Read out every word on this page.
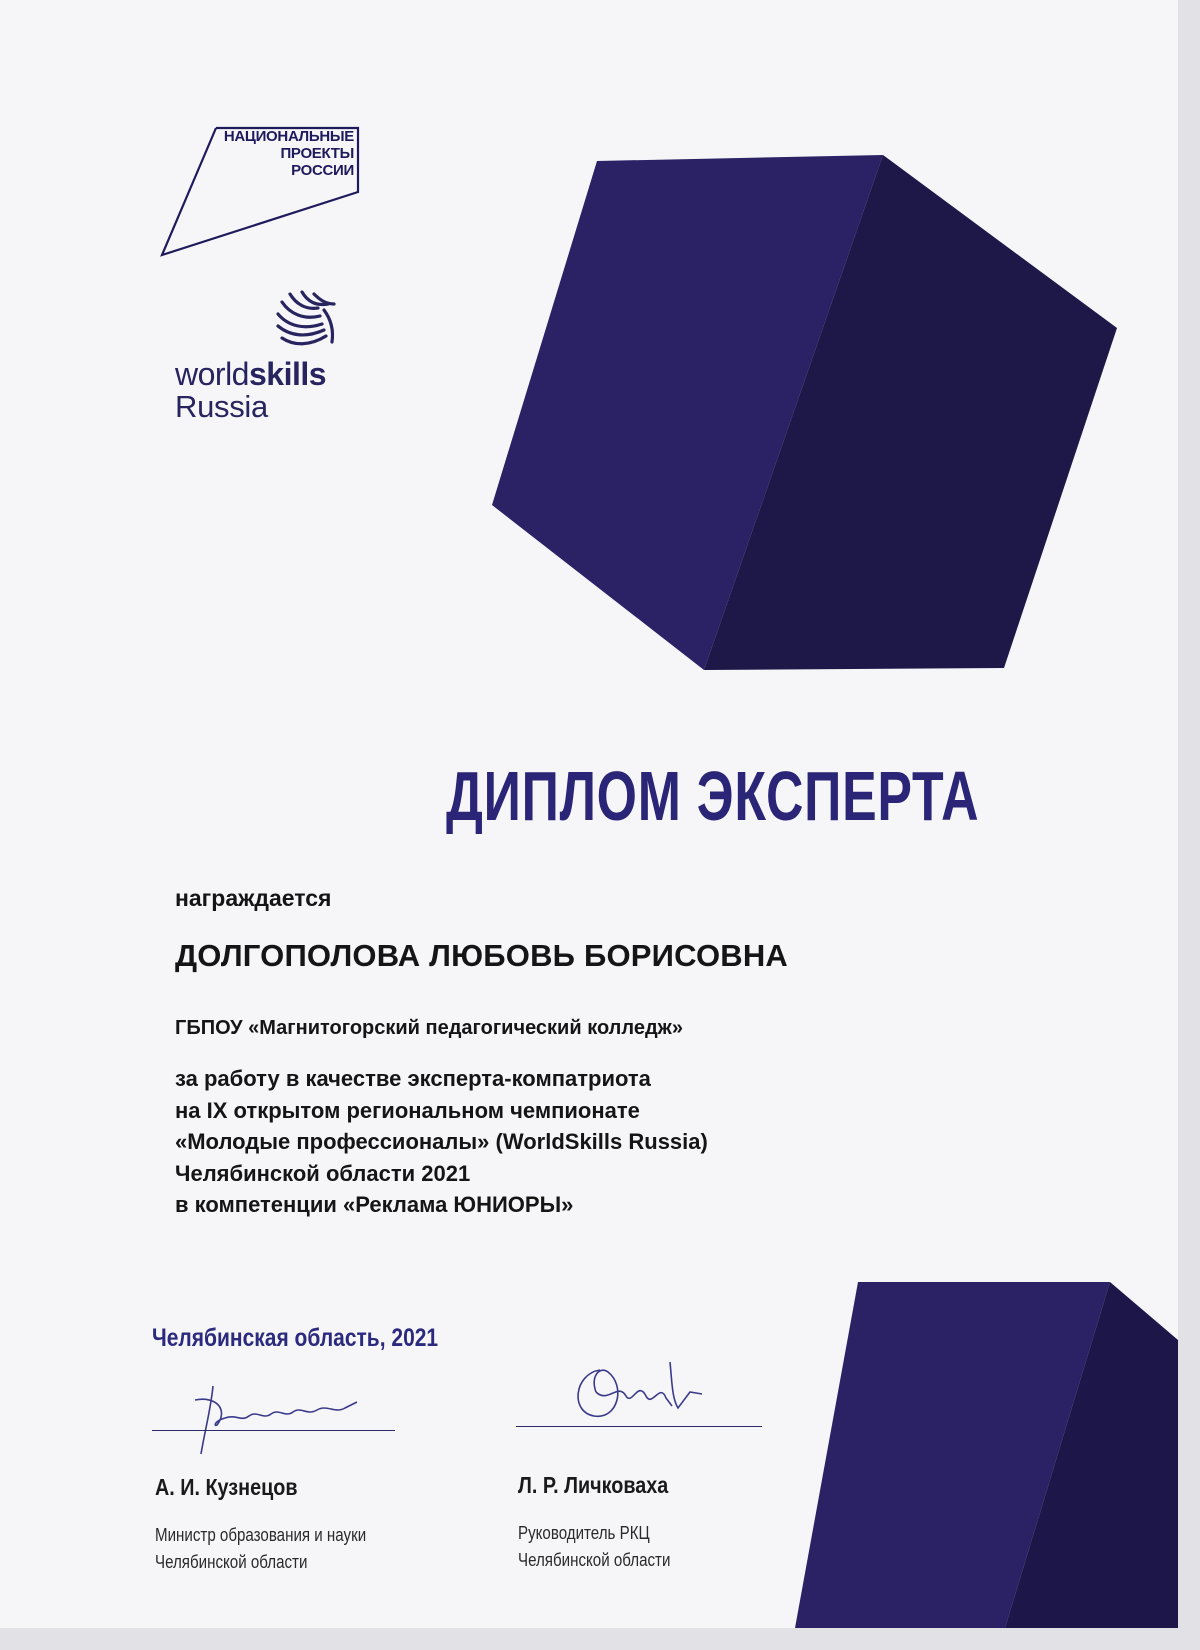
НАЦИОНАЛЬНЫЕ
ПРОЕКТЫ
РОССИИ
worldskills
Russia
ДИПЛОМ ЭКСПЕРТА
награждается
ДОЛГОПОЛОВА ЛЮБОВЬ БОРИСОВНА
ГБПОУ «Магнитогорский педагогический колледж»
за работу в качестве эксперта-компатриота
на IX открытом региональном чемпионате
«Молодые профессионалы» (WorldSkills Russia)
Челябинской области 2021
в компетенции «Реклама ЮНИОРЫ»
Челябинская область, 2021
А. И. Кузнецов
Министр образования и науки
Челябинской области
Л. Р. Личковаха
Руководитель РКЦ
Челябинской области
